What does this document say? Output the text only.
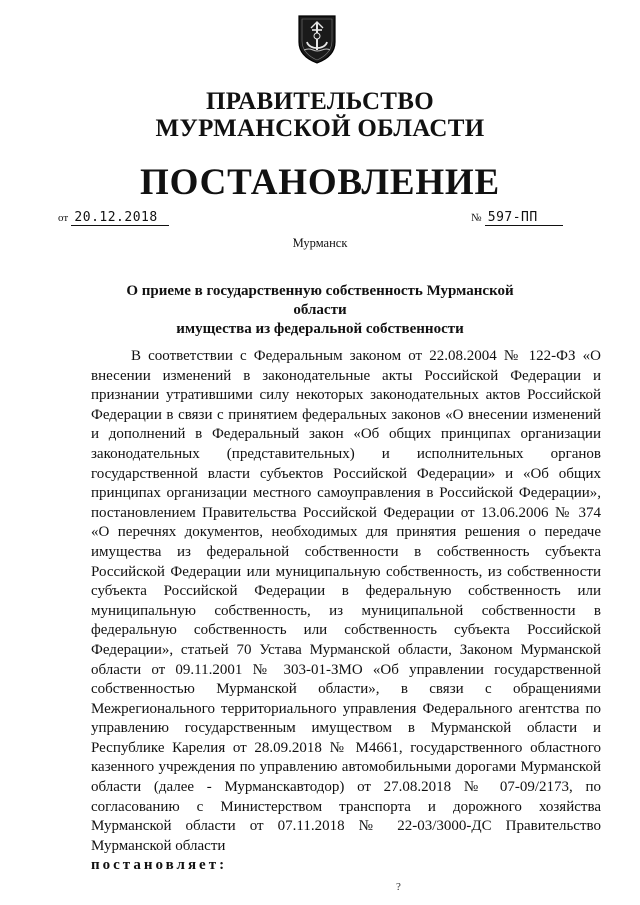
ПРАВИТЕЛЬСТВО
МУРМАНСКОЙ ОБЛАСТИ
ПОСТАНОВЛЕНИЕ
от 20.12.2018	№ 597-ПП
Мурманск
О приеме в государственную собственность Мурманской области
имущества из федеральной собственности

В соответствии с Федеральным законом от 22.08.2004 № 122-ФЗ «О внесении изменений в законодательные акты Российской Федерации и признании утратившими силу некоторых законодательных актов Российской Федерации в связи с принятием федеральных законов «О внесении изменений и дополнений в Федеральный закон «Об общих принципах организации законодательных (представительных) и исполнительных органов государственной власти субъектов Российской Федерации» и «Об общих принципах организации местного самоуправления в Российской Федерации», постановлением Правительства Российской Федерации от 13.06.2006 № 374 «О перечнях документов, необходимых для принятия решения о передаче имущества из федеральной собственности в собственность субъекта Российской Федерации или муниципальную собственность, из собственности субъекта Российской Федерации в федеральную собственность или муниципальную собственность, из муниципальной собственности в федеральную собственность или собственность субъекта Российской Федерации», статьей 70 Устава Мурманской области, Законом Мурманской области от 09.11.2001 № 303-01-ЗМО «Об управлении государственной собственностью Мурманской области», в связи с обращениями Межрегионального территориального управления Федерального агентства по управлению государственным имуществом в Мурманской области и Республике Карелия от 28.09.2018 № М4661, государственного областного казенного учреждения по управлению автомобильными дорогами Мурманской области (далее - Мурманскавтодор) от 27.08.2018 № 07-09/2173, по согласованию с Министерством транспорта и дорожного хозяйства Мурманской области от 07.11.2018 № 22-03/3000-ДС Правительство Мурманской области
постановляет:

?
